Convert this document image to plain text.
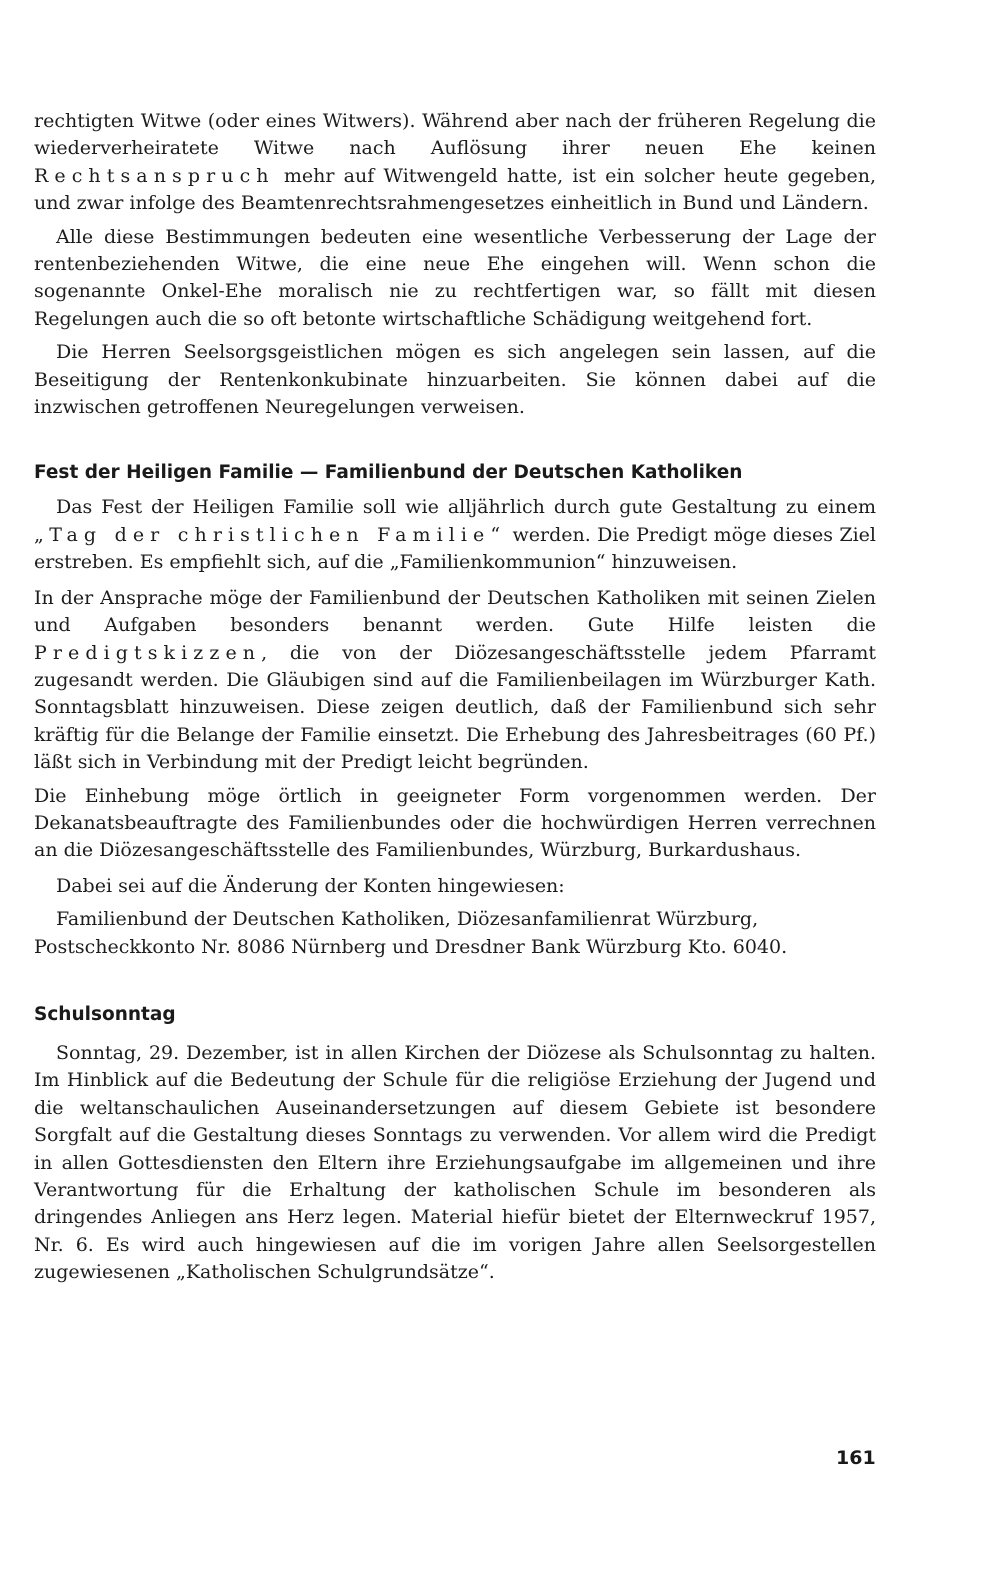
rechtigten Witwe (oder eines Witwers). Während aber nach der früheren Regelung die wiederverheiratete Witwe nach Auflösung ihrer neuen Ehe keinen Rechtsanspruch mehr auf Witwengeld hatte, ist ein solcher heute gegeben, und zwar infolge des Beamtenrechtsrahmengesetzes einheitlich in Bund und Ländern.

Alle diese Bestimmungen bedeuten eine wesentliche Verbesserung der Lage der rentenbeziehenden Witwe, die eine neue Ehe eingehen will. Wenn schon die sogenannte Onkel-Ehe moralisch nie zu rechtfertigen war, so fällt mit diesen Regelungen auch die so oft betonte wirtschaftliche Schädigung weitgehend fort.

Die Herren Seelsorgsgeistlichen mögen es sich angelegen sein lassen, auf die Beseitigung der Rentenkonkubinate hinzuarbeiten. Sie können dabei auf die inzwischen getroffenen Neuregelungen verweisen.

Fest der Heiligen Familie — Familienbund der Deutschen Katholiken

Das Fest der Heiligen Familie soll wie alljährlich durch gute Gestaltung zu einem „Tag der christlichen Familie“ werden. Die Predigt möge dieses Ziel erstreben. Es empfiehlt sich, auf die „Familienkommunion“ hinzuweisen.

In der Ansprache möge der Familienbund der Deutschen Katholiken mit seinen Zielen und Aufgaben besonders benannt werden. Gute Hilfe leisten die Predigtskizzen, die von der Diözesangeschäftsstelle jedem Pfarramt zugesandt werden. Die Gläubigen sind auf die Familienbeilagen im Würzburger Kath. Sonntagsblatt hinzuweisen. Diese zeigen deutlich, daß der Familienbund sich sehr kräftig für die Belange der Familie einsetzt. Die Erhebung des Jahresbeitrages (60 Pf.) läßt sich in Verbindung mit der Predigt leicht begründen.

Die Einhebung möge örtlich in geeigneter Form vorgenommen werden. Der Dekanatsbeauftragte des Familienbundes oder die hochwürdigen Herren verrechnen an die Diözesangeschäftsstelle des Familienbundes, Würzburg, Burkardushaus.

Dabei sei auf die Änderung der Konten hingewiesen:

Familienbund der Deutschen Katholiken, Diözesanfamilienrat Würzburg,

Postscheckkonto Nr. 8086 Nürnberg und Dresdner Bank Würzburg Kto. 6040.

Schulsonntag

Sonntag, 29. Dezember, ist in allen Kirchen der Diözese als Schulsonntag zu halten. Im Hinblick auf die Bedeutung der Schule für die religiöse Erziehung der Jugend und die weltanschaulichen Auseinandersetzungen auf diesem Gebiete ist besondere Sorgfalt auf die Gestaltung dieses Sonntags zu verwenden. Vor allem wird die Predigt in allen Gottesdiensten den Eltern ihre Erziehungsaufgabe im allgemeinen und ihre Verantwortung für die Erhaltung der katholischen Schule im besonderen als dringendes Anliegen ans Herz legen. Material hiefür bietet der Elternweckruf 1957, Nr. 6. Es wird auch hingewiesen auf die im vorigen Jahre allen Seelsorgestellen zugewiesenen „Katholischen Schulgrundsätze“.

161
